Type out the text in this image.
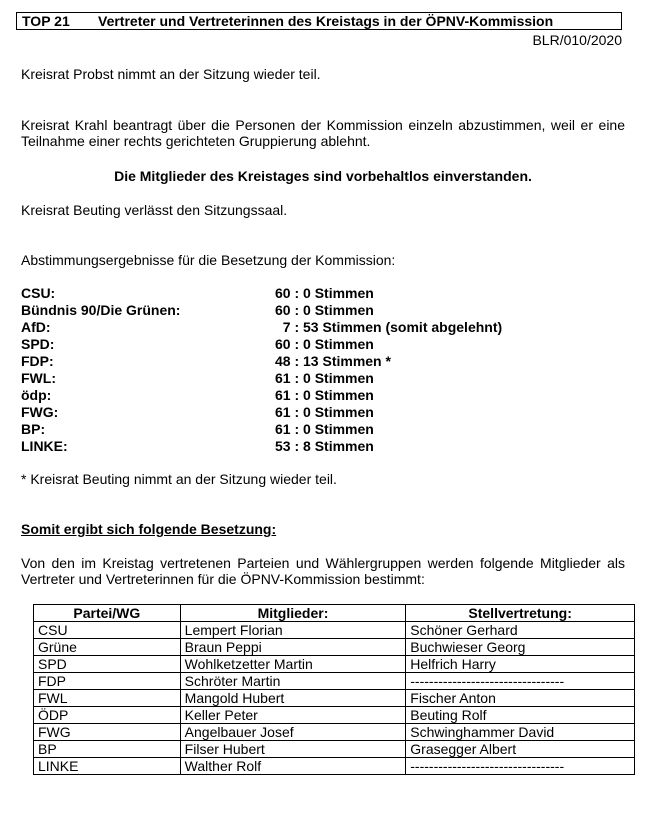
TOP 21 Vertreter und Vertreterinnen des Kreistags in der ÖPNV-Kommission
BLR/010/2020
Kreisrat Probst nimmt an der Sitzung wieder teil.
Kreisrat Krahl beantragt über die Personen der Kommission einzeln abzustimmen, weil er eine Teilnahme einer rechts gerichteten Gruppierung ablehnt.
Die Mitglieder des Kreistages sind vorbehaltlos einverstanden.
Kreisrat Beuting verlässt den Sitzungssaal.
Abstimmungsergebnisse für die Besetzung der Kommission:
CSU:	60 : 0 Stimmen
Bündnis 90/Die Grünen:	60 : 0 Stimmen
AfD:	7 : 53 Stimmen (somit abgelehnt)
SPD:	60 : 0 Stimmen
FDP:	48 : 13 Stimmen *
FWL:	61 : 0 Stimmen
ödp:	61 : 0 Stimmen
FWG:	61 : 0 Stimmen
BP:	61 : 0 Stimmen
LINKE:	53 : 8 Stimmen
* Kreisrat Beuting nimmt an der Sitzung wieder teil.
Somit ergibt sich folgende Besetzung:
Von den im Kreistag vertretenen Parteien und Wählergruppen werden folgende Mitglieder als Vertreter und Vertreterinnen für die ÖPNV-Kommission bestimmt:
Partei/WG	Mitglieder:	Stellvertretung:
CSU	Lempert Florian	Schöner Gerhard
Grüne	Braun Peppi	Buchwieser Georg
SPD	Wohlketzetter Martin	Helfrich Harry
FDP	Schröter Martin	---------------------------------
FWL	Mangold Hubert	Fischer Anton
ÖDP	Keller Peter	Beuting Rolf
FWG	Angelbauer Josef	Schwinghammer David
BP	Filser Hubert	Grasegger Albert
LINKE	Walther Rolf	---------------------------------
